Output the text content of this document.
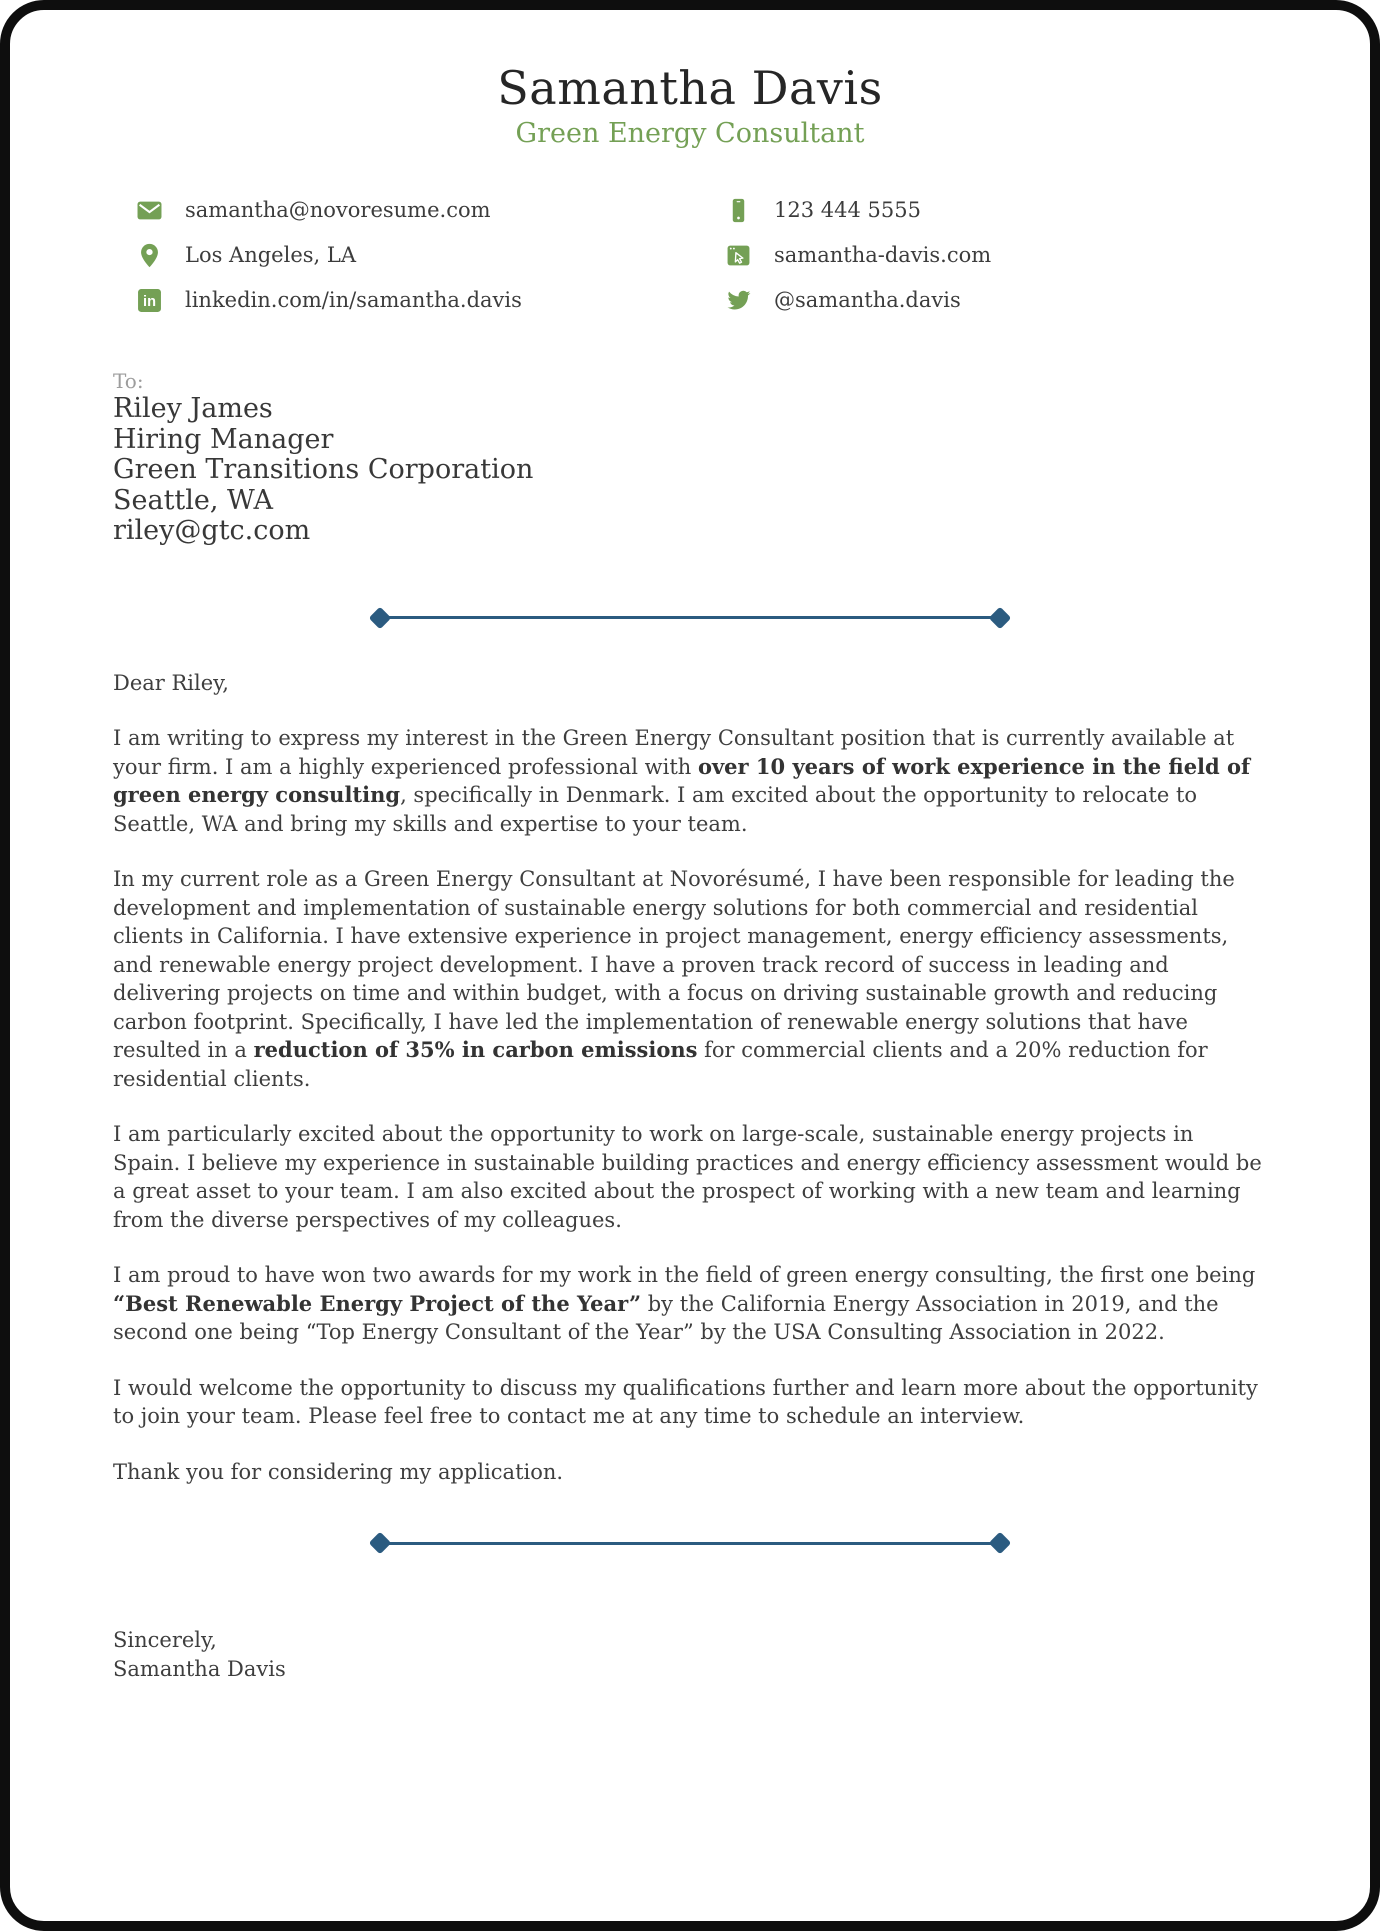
Samantha Davis
Green Energy Consultant
samantha@novoresume.com	123 444 5555
Los Angeles, LA	samantha-davis.com
in linkedin.com/in/samantha.davis	@samantha.davis
To:
Riley James
Hiring Manager
Green Transitions Corporation
Seattle, WA
riley@gtc.com
Dear Riley,

I am writing to express my interest in the Green Energy Consultant position that is currently available at your firm. I am a highly experienced professional with over 10 years of work experience in the field of green energy consulting, specifically in Denmark. I am excited about the opportunity to relocate to Seattle, WA and bring my skills and expertise to your team.

In my current role as a Green Energy Consultant at Novorésumé, I have been responsible for leading the development and implementation of sustainable energy solutions for both commercial and residential clients in California. I have extensive experience in project management, energy efficiency assessments, and renewable energy project development. I have a proven track record of success in leading and delivering projects on time and within budget, with a focus on driving sustainable growth and reducing carbon footprint. Specifically, I have led the implementation of renewable energy solutions that have resulted in a reduction of 35% in carbon emissions for commercial clients and a 20% reduction for residential clients.

I am particularly excited about the opportunity to work on large-scale, sustainable energy projects in Spain. I believe my experience in sustainable building practices and energy efficiency assessment would be a great asset to your team. I am also excited about the prospect of working with a new team and learning from the diverse perspectives of my colleagues.

I am proud to have won two awards for my work in the field of green energy consulting, the first one being “Best Renewable Energy Project of the Year” by the California Energy Association in 2019, and the second one being “Top Energy Consultant of the Year” by the USA Consulting Association in 2022.

I would welcome the opportunity to discuss my qualifications further and learn more about the opportunity to join your team. Please feel free to contact me at any time to schedule an interview.

Thank you for considering my application.

Sincerely,
Samantha Davis
